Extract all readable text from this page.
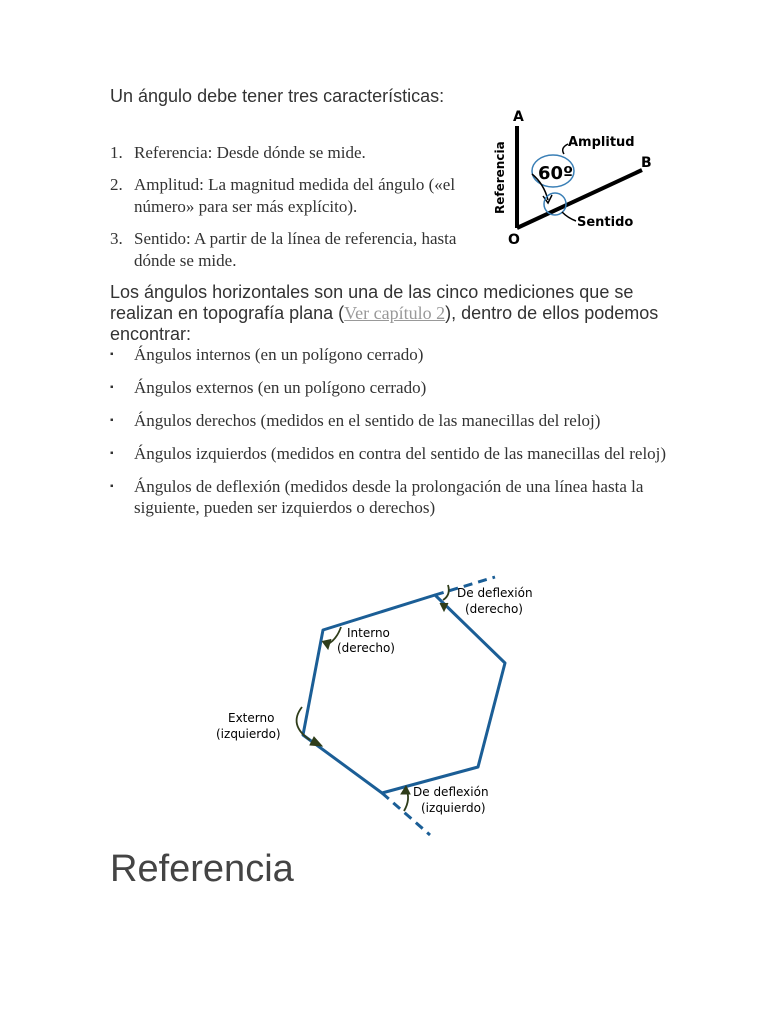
Un ángulo debe tener tres características:
1. Referencia: Desde dónde se mide.
2. Amplitud: La magnitud medida del ángulo («el número» para ser más explícito).
3. Sentido: A partir de la línea de referencia, hasta dónde se mide.
A
B
O
Referencia	Amplitud
60º
Sentido
Los ángulos horizontales son una de las cinco mediciones que se realizan en topografía plana (Ver capítulo 2), dentro de ellos podemos encontrar:
▪	Ángulos internos (en un polígono cerrado)
▪	Ángulos externos (en un polígono cerrado)
▪	Ángulos derechos (medidos en el sentido de las manecillas del reloj)
▪	Ángulos izquierdos (medidos en contra del sentido de las manecillas del reloj)
▪	Ángulos de deflexión (medidos desde la prolongación de una línea hasta la siguiente, pueden ser izquierdos o derechos)
De deflexión
(derecho)
Interno
(derecho)
Externo
(izquierdo)
De deflexión
(izquierdo)
Referencia
